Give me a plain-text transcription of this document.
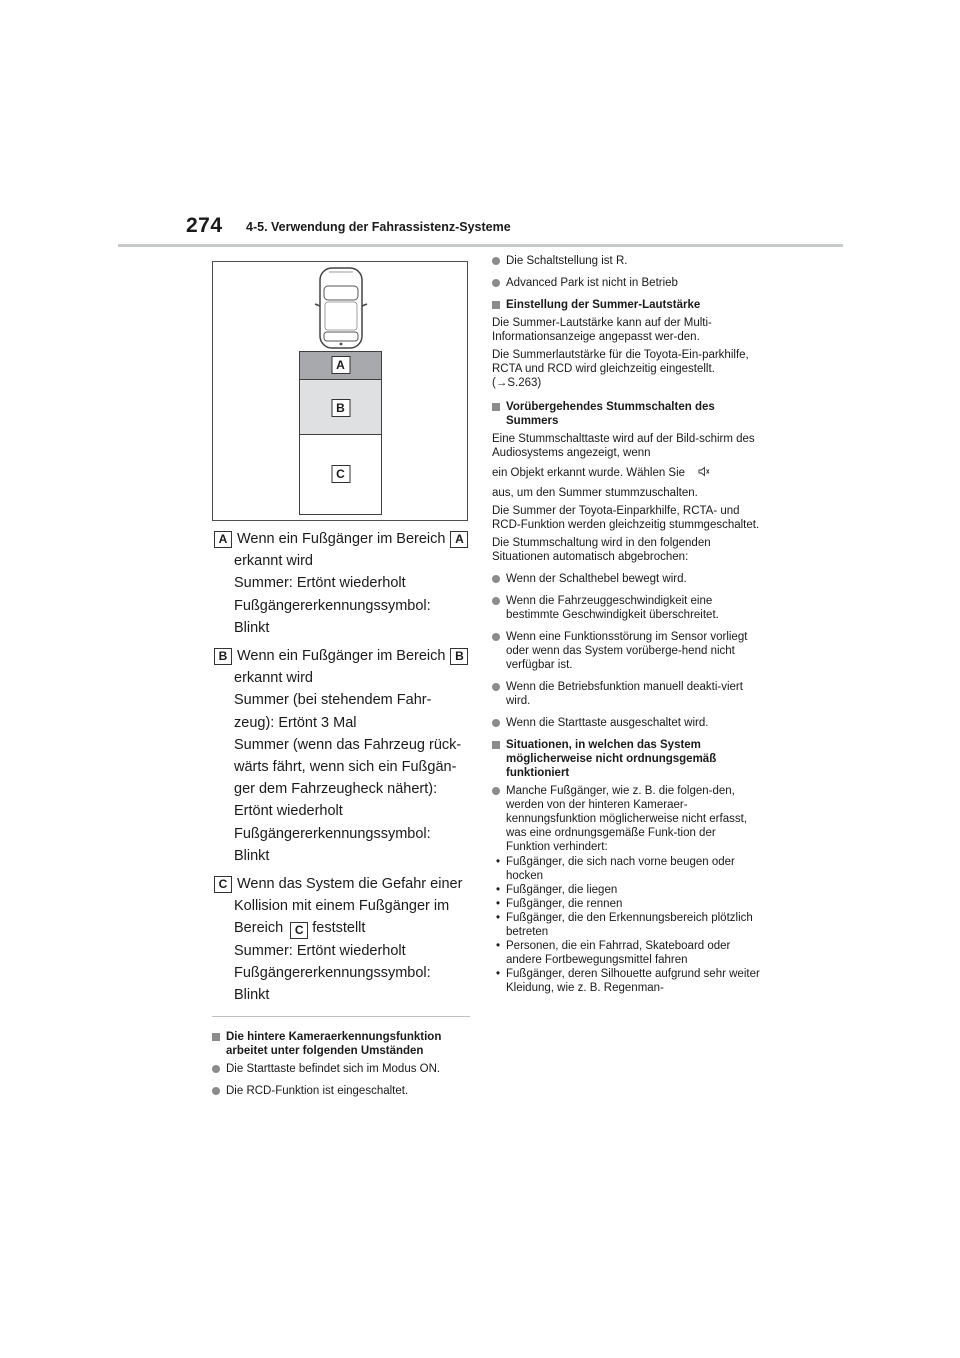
274 4-5. Verwendung der Fahrassistenz-Systeme
A
B
C
A Wenn ein Fußgänger im Bereich A
erkannt wird
Summer: Ertönt wiederholt
Fußgängererkennungssymbol:
Blinkt
B Wenn ein Fußgänger im Bereich B
erkannt wird
Summer (bei stehendem Fahr-
zeug): Ertönt 3 Mal
Summer (wenn das Fahrzeug rück-
wärts fährt, wenn sich ein Fußgän-
ger dem Fahrzeugheck nähert):
Ertönt wiederholt
Fußgängererkennungssymbol:
Blinkt
C Wenn das System die Gefahr einer
Kollision mit einem Fußgänger im
Bereich C feststellt
Summer: Ertönt wiederholt
Fußgängererkennungssymbol:
Blinkt
Die hintere Kameraerkennungsfunktion arbeitet unter folgenden Umständen
Die Starttaste befindet sich im Modus ON.
Die RCD-Funktion ist eingeschaltet.
Die Schaltstellung ist R.
Advanced Park ist nicht in Betrieb
Einstellung der Summer-Lautstärke
Die Summer-Lautstärke kann auf der Multi-Informationsanzeige angepasst wer-den.
Die Summerlautstärke für die Toyota-Ein-parkhilfe, RCTA und RCD wird gleichzeitig eingestellt. (→S.263)
Vorübergehendes Stummschalten des Summers
Eine Stummschalttaste wird auf der Bild-schirm des Audiosystems angezeigt, wenn
ein Objekt erkannt wurde. Wählen Sie
aus, um den Summer stummzuschalten.
Die Summer der Toyota-Einparkhilfe, RCTA- und RCD-Funktion werden gleichzeitig stummgeschaltet.
Die Stummschaltung wird in den folgenden Situationen automatisch abgebrochen:
Wenn der Schalthebel bewegt wird.
Wenn die Fahrzeuggeschwindigkeit eine bestimmte Geschwindigkeit überschreitet.
Wenn eine Funktionsstörung im Sensor vorliegt oder wenn das System vorüberge-hend nicht verfügbar ist.
Wenn die Betriebsfunktion manuell deakti-viert wird.
Wenn die Starttaste ausgeschaltet wird.
Situationen, in welchen das System möglicherweise nicht ordnungsgemäß funktioniert
Manche Fußgänger, wie z. B. die folgen-den, werden von der hinteren Kameraer-kennungsfunktion möglicherweise nicht erfasst, was eine ordnungsgemäße Funk-tion der Funktion verhindert:
• Fußgänger, die sich nach vorne beugen oder hocken
• Fußgänger, die liegen
• Fußgänger, die rennen
• Fußgänger, die den Erkennungsbereich plötzlich betreten
• Personen, die ein Fahrrad, Skateboard oder andere Fortbewegungsmittel fahren
• Fußgänger, deren Silhouette aufgrund sehr weiter Kleidung, wie z. B. Regenman-
